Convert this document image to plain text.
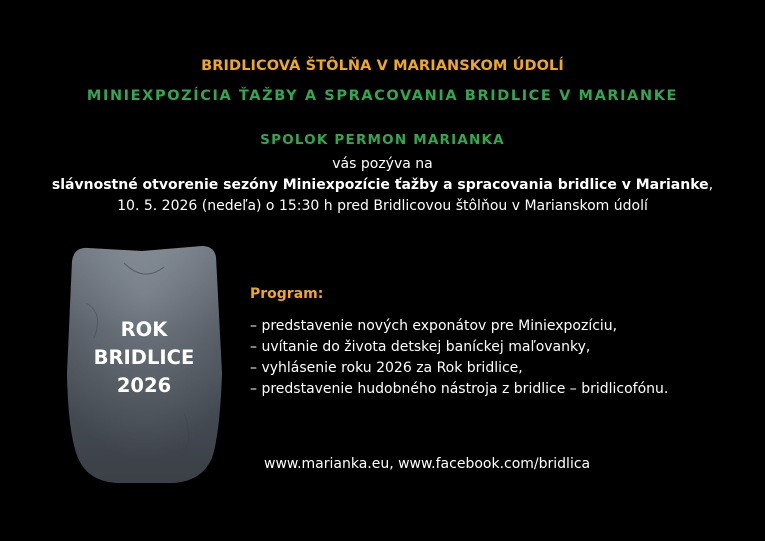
BRIDLICOVÁ ŠTÔLŇA V MARIANSKOM ÚDOLÍ
MINIEXPOZÍCIA ŤAŽBY A SPRACOVANIA BRIDLICE V MARIANKE
SPOLOK PERMON MARIANKA
vás pozýva na
slávnostné otvorenie sezóny Miniexpozície ťažby a spracovania bridlice v Marianke,
10. 5. 2026 (nedeľa) o 15:30 h pred Bridlicovou štôlňou v Marianskom údolí
ROK
BRIDLICE
2026
Program:
– predstavenie nových exponátov pre Miniexpozíciu,
– uvítanie do života detskej baníckej maľovanky,
– vyhlásenie roku 2026 za Rok bridlice,
– predstavenie hudobného nástroja z bridlice – bridlicofónu.
www.marianka.eu, www.facebook.com/bridlica
